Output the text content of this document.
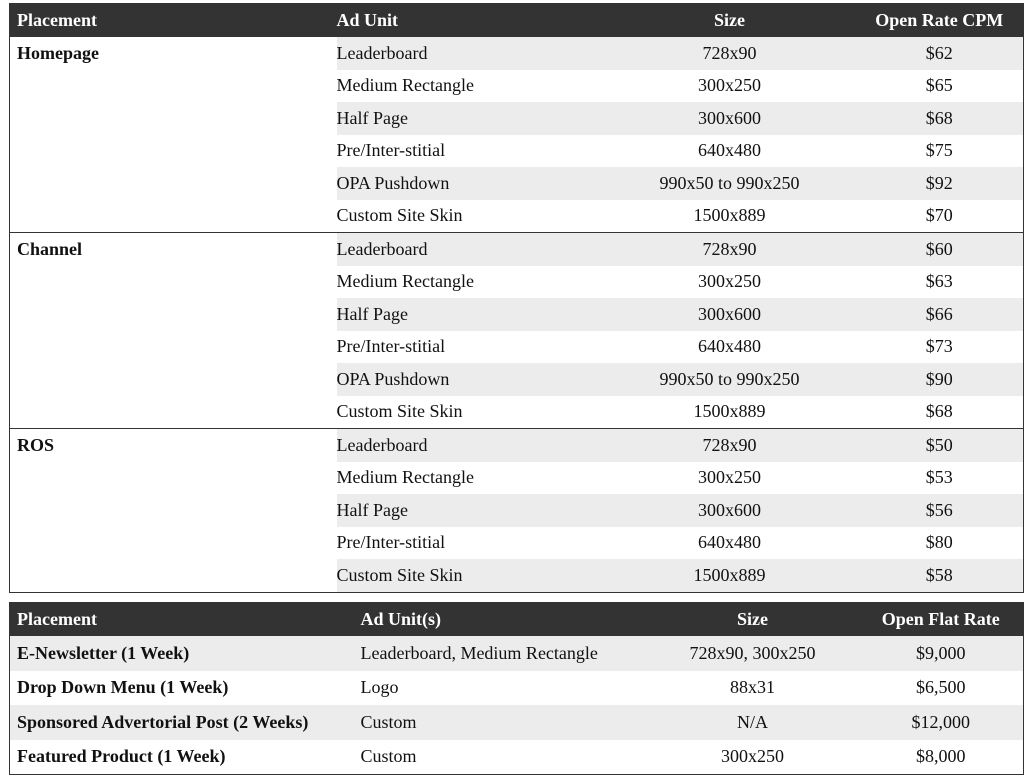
Placement	Ad Unit	Size	Open Rate CPM
Homepage	Leaderboard	728x90	$62
	Medium Rectangle	300x250	$65
	Half Page	300x600	$68
	Pre/Inter-stitial	640x480	$75
	OPA Pushdown	990x50 to 990x250	$92
	Custom Site Skin	1500x889	$70
Channel	Leaderboard	728x90	$60
	Medium Rectangle	300x250	$63
	Half Page	300x600	$66
	Pre/Inter-stitial	640x480	$73
	OPA Pushdown	990x50 to 990x250	$90
	Custom Site Skin	1500x889	$68
ROS	Leaderboard	728x90	$50
	Medium Rectangle	300x250	$53
	Half Page	300x600	$56
	Pre/Inter-stitial	640x480	$80
	Custom Site Skin	1500x889	$58
Placement	Ad Unit(s)	Size	Open Flat Rate
E-Newsletter (1 Week)	Leaderboard, Medium Rectangle	728x90, 300x250	$9,000
Drop Down Menu (1 Week)	Logo	88x31	$6,500
Sponsored Advertorial Post (2 Weeks)	Custom	N/A	$12,000
Featured Product (1 Week)	Custom	300x250	$8,000
